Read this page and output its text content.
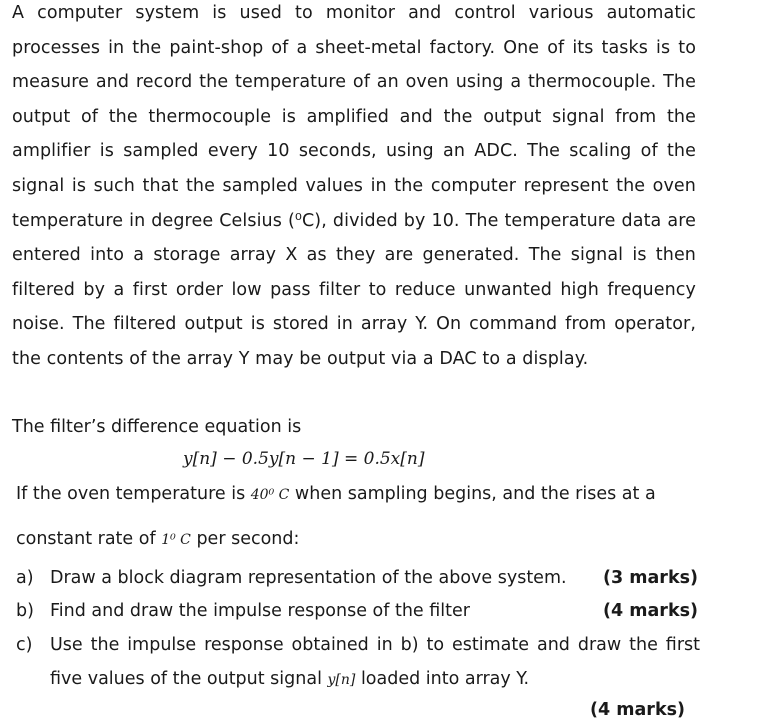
A computer system is used to monitor and control various automatic processes in the paint-shop of a sheet-metal factory. One of its tasks is to measure and record the temperature of an oven using a thermocouple. The output of the thermocouple is amplified and the output signal from the amplifier is sampled every 10 seconds, using an ADC. The scaling of the signal is such that the sampled values in the computer represent the oven temperature in degree Celsius (⁰C), divided by 10. The temperature data are entered into a storage array X as they are generated. The signal is then filtered by a first order low pass filter to reduce unwanted high frequency noise. The filtered output is stored in array Y. On command from operator, the contents of the array Y may be output via a DAC to a display.
The filter’s difference equation is
y[n] − 0.5y[n − 1] = 0.5x[n]
If the oven temperature is 40⁰ C when sampling begins, and the rises at a
constant rate of 1⁰ C per second:
a) Draw a block diagram representation of the above system.	(3 marks)
b) Find and draw the impulse response of the filter	(4 marks)
c) Use the impulse response obtained in b) to estimate and draw the first five values of the output signal y[n] loaded into array Y.
(4 marks)
